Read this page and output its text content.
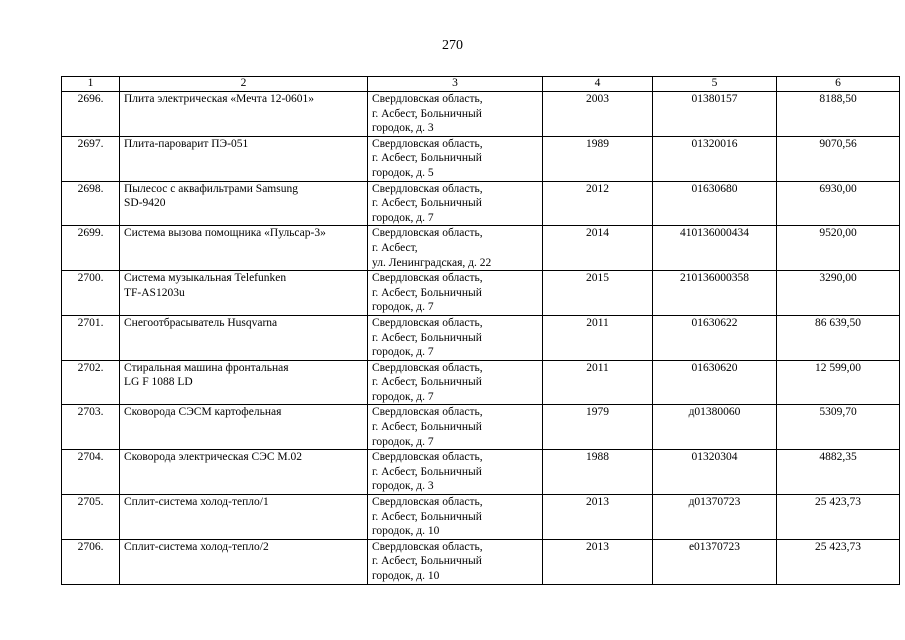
270
1	2	3	4	5	6
2696.	Плита электрическая «Мечта 12-0601»	Свердловская область,
г. Асбест, Больничный
городок, д. 3	2003	01380157	8188,50
2697.	Плита-пароварит ПЭ-051	Свердловская область,
г. Асбест, Больничный
городок, д. 5	1989	01320016	9070,56
2698.	Пылесос с аквафильтрами Samsung
SD-9420	Свердловская область,
г. Асбест, Больничный
городок, д. 7	2012	01630680	6930,00
2699.	Система вызова помощника «Пульсар-3»	Свердловская область,
г. Асбест,
ул. Ленинградская, д. 22	2014	410136000434	9520,00
2700.	Система музыкальная Telefunken
TF-AS1203u	Свердловская область,
г. Асбест, Больничный
городок, д. 7	2015	210136000358	3290,00
2701.	Снегоотбрасыватель Husqvarna	Свердловская область,
г. Асбест, Больничный
городок, д. 7	2011	01630622	86 639,50
2702.	Стиральная машина фронтальная
LG F 1088 LD	Свердловская область,
г. Асбест, Больничный
городок, д. 7	2011	01630620	12 599,00
2703.	Сковорода СЭСМ картофельная	Свердловская область,
г. Асбест, Больничный
городок, д. 7	1979	д01380060	5309,70
2704.	Сковорода электрическая СЭС М.02	Свердловская область,
г. Асбест, Больничный
городок, д. 3	1988	01320304	4882,35
2705.	Сплит-система холод-тепло/1	Свердловская область,
г. Асбест, Больничный
городок, д. 10	2013	д01370723	25 423,73
2706.	Сплит-система холод-тепло/2	Свердловская область,
г. Асбест, Больничный
городок, д. 10	2013	е01370723	25 423,73
